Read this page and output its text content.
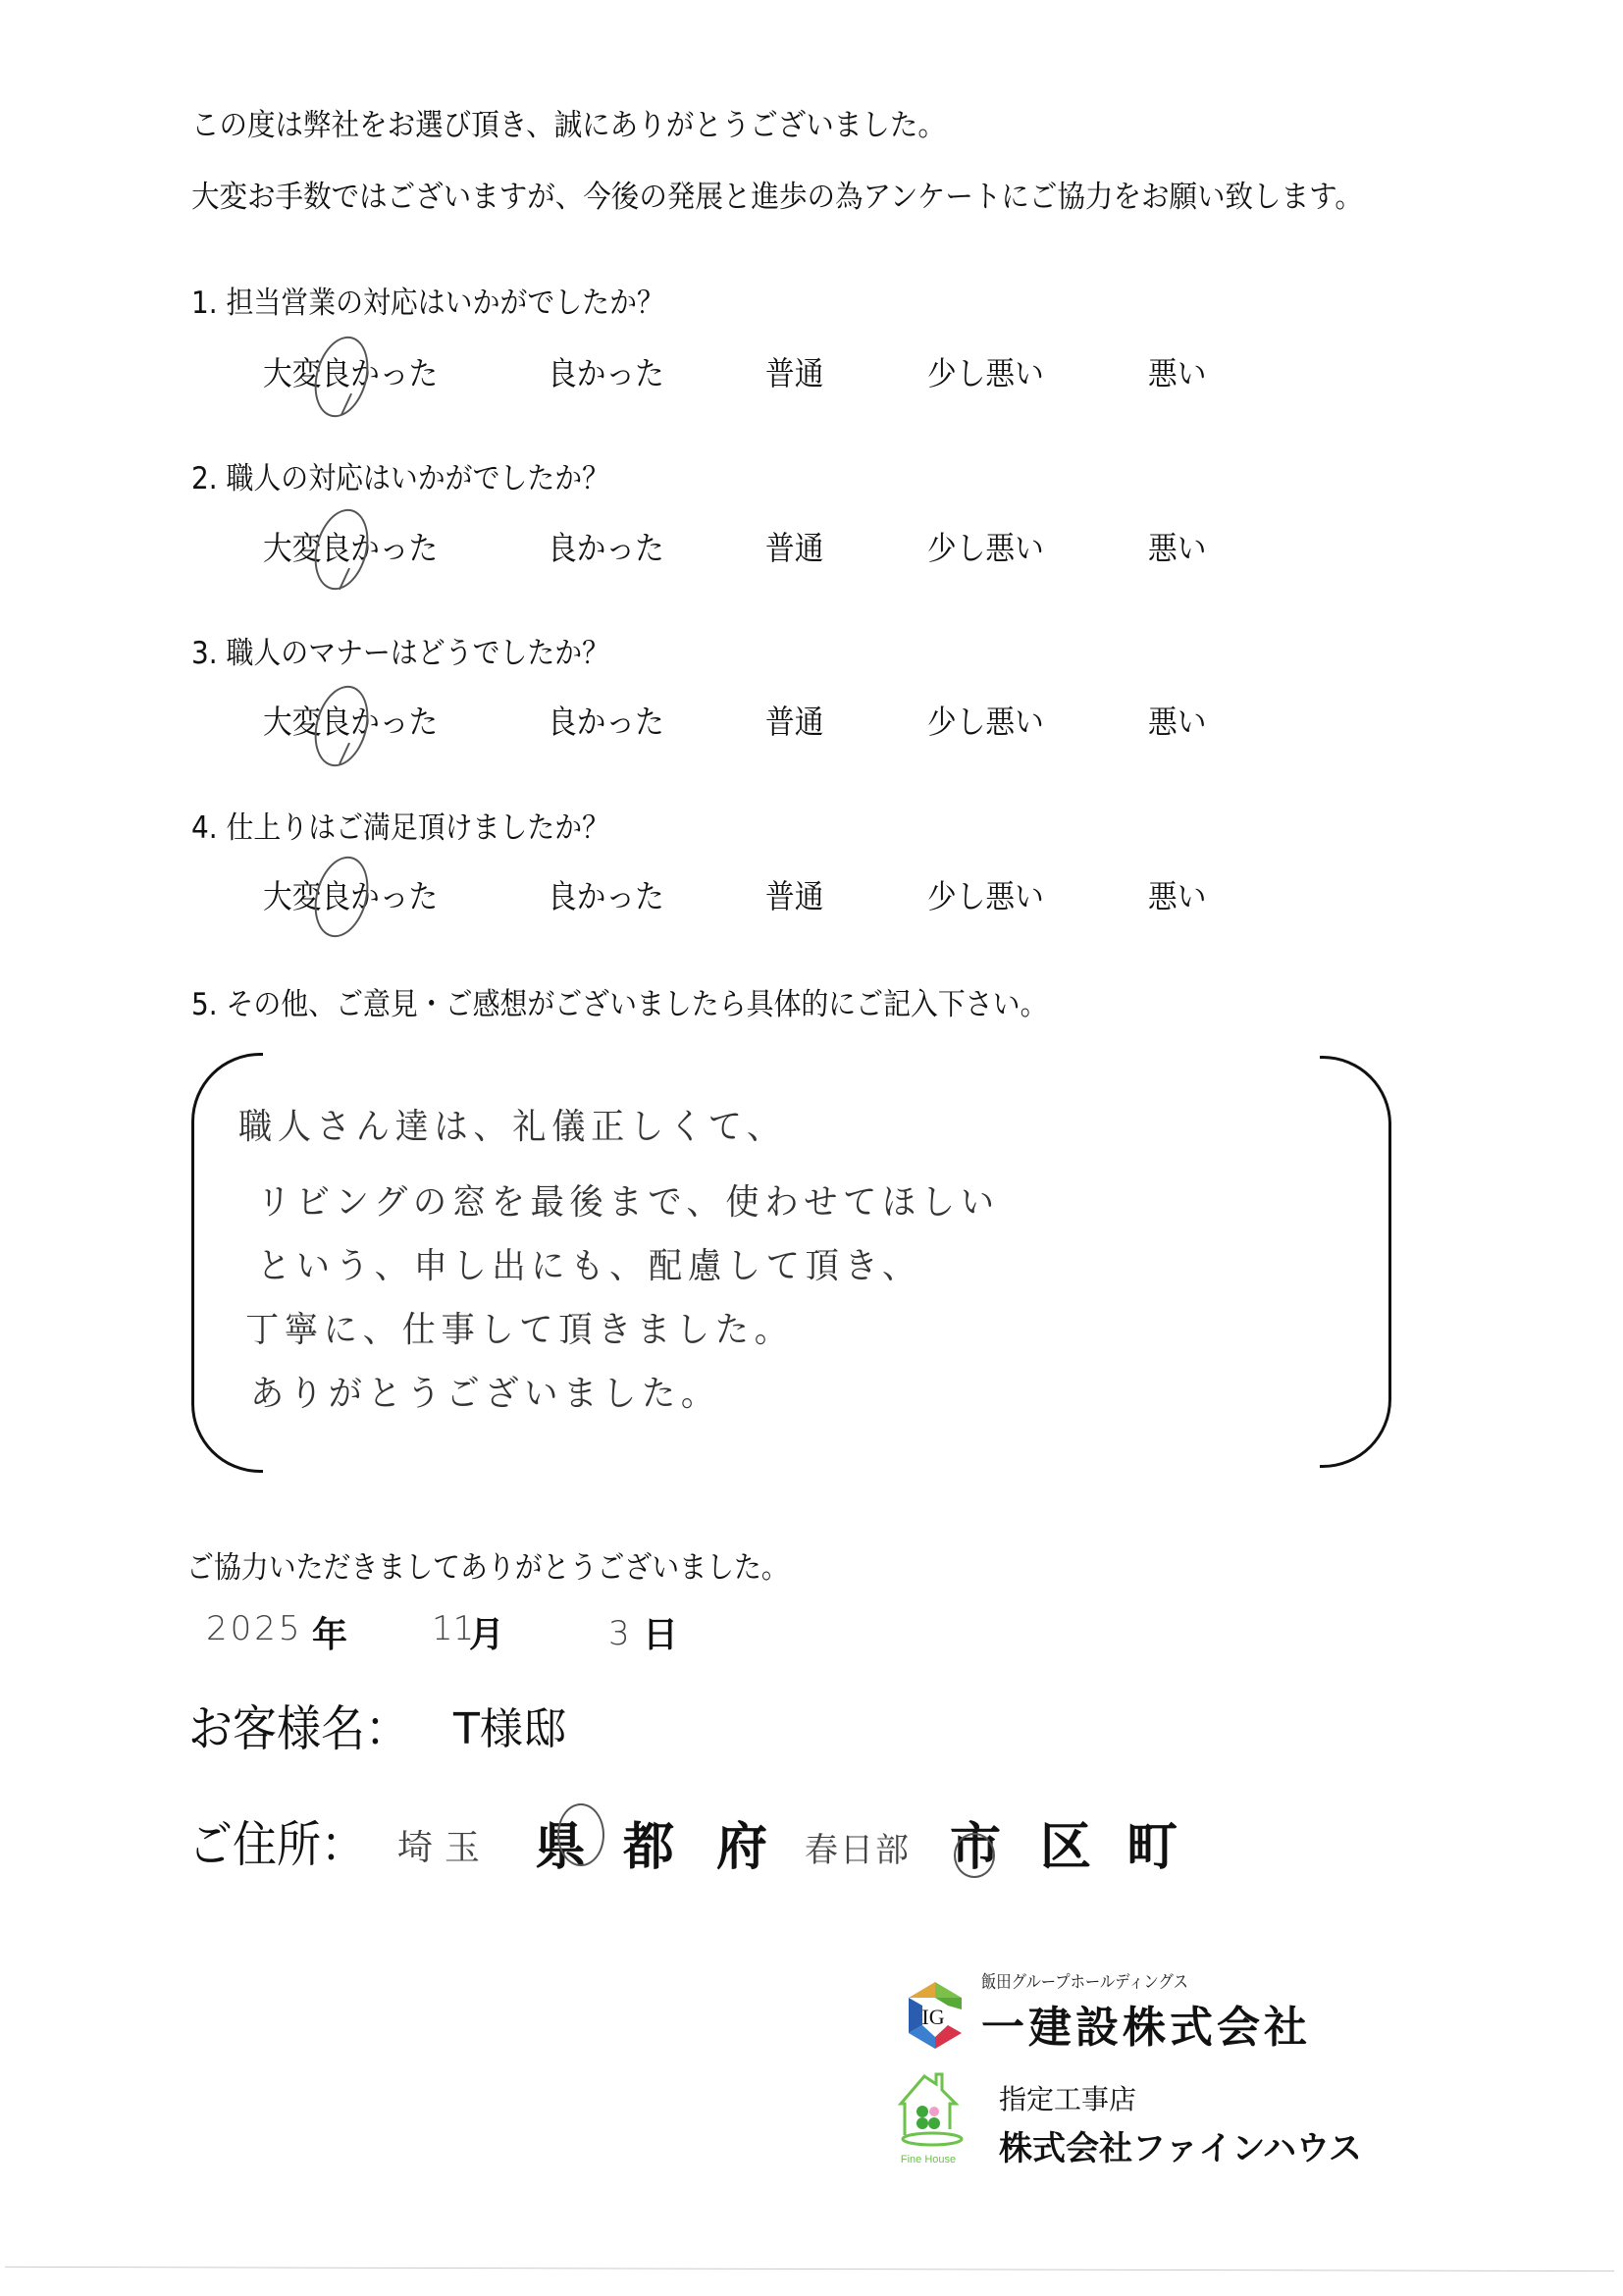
この度は弊社をお選び頂き、誠にありがとうございました。
大変お手数ではございますが、今後の発展と進歩の為アンケートにご協力をお願い致します。
1. 担当営業の対応はいかがでしたか？
大変良かった	良かった	普通	少し悪い	悪い
2. 職人の対応はいかがでしたか？
大変良かった	良かった	普通	少し悪い	悪い
3. 職人のマナーはどうでしたか？
大変良かった	良かった	普通	少し悪い	悪い
4. 仕上りはご満足頂けましたか？
大変良かった	良かった	普通	少し悪い	悪い
5. その他、ご意見・ご感想がございましたら具体的にご記入下さい。
職人さん達は、礼儀正しくて、
リビングの窓を最後まで、使わせてほしい
という、申し出にも、配慮して頂き、
丁寧に、仕事して頂きました。
ありがとうございました。
ご協力いただきましてありがとうございました。
2025 年	11
月	3 日
お客様名： T様邸
ご住所： 埼玉 県 都 府 春日部 市 区 町
IG
飯田グループホールディングス
一建設株式会社
Fine House
指定工事店
株式会社ファインハウス
